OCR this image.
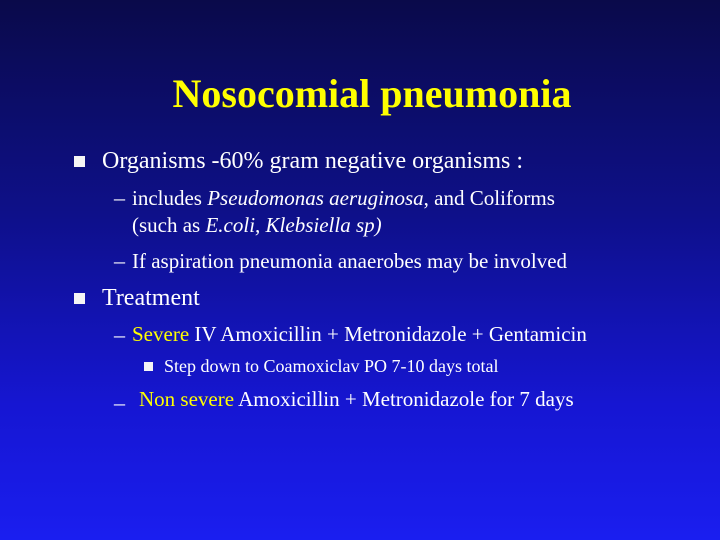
Nosocomial pneumonia
Organisms -60% gram negative organisms :
– includes Pseudomonas aeruginosa, and Coliforms
(such as E.coli, Klebsiella sp)
– If aspiration pneumonia anaerobes may be involved
Treatment
– Severe IV Amoxicillin + Metronidazole + Gentamicin
Step down to Coamoxiclav PO 7-10 days total
– Non severe Amoxicillin + Metronidazole for 7 days
